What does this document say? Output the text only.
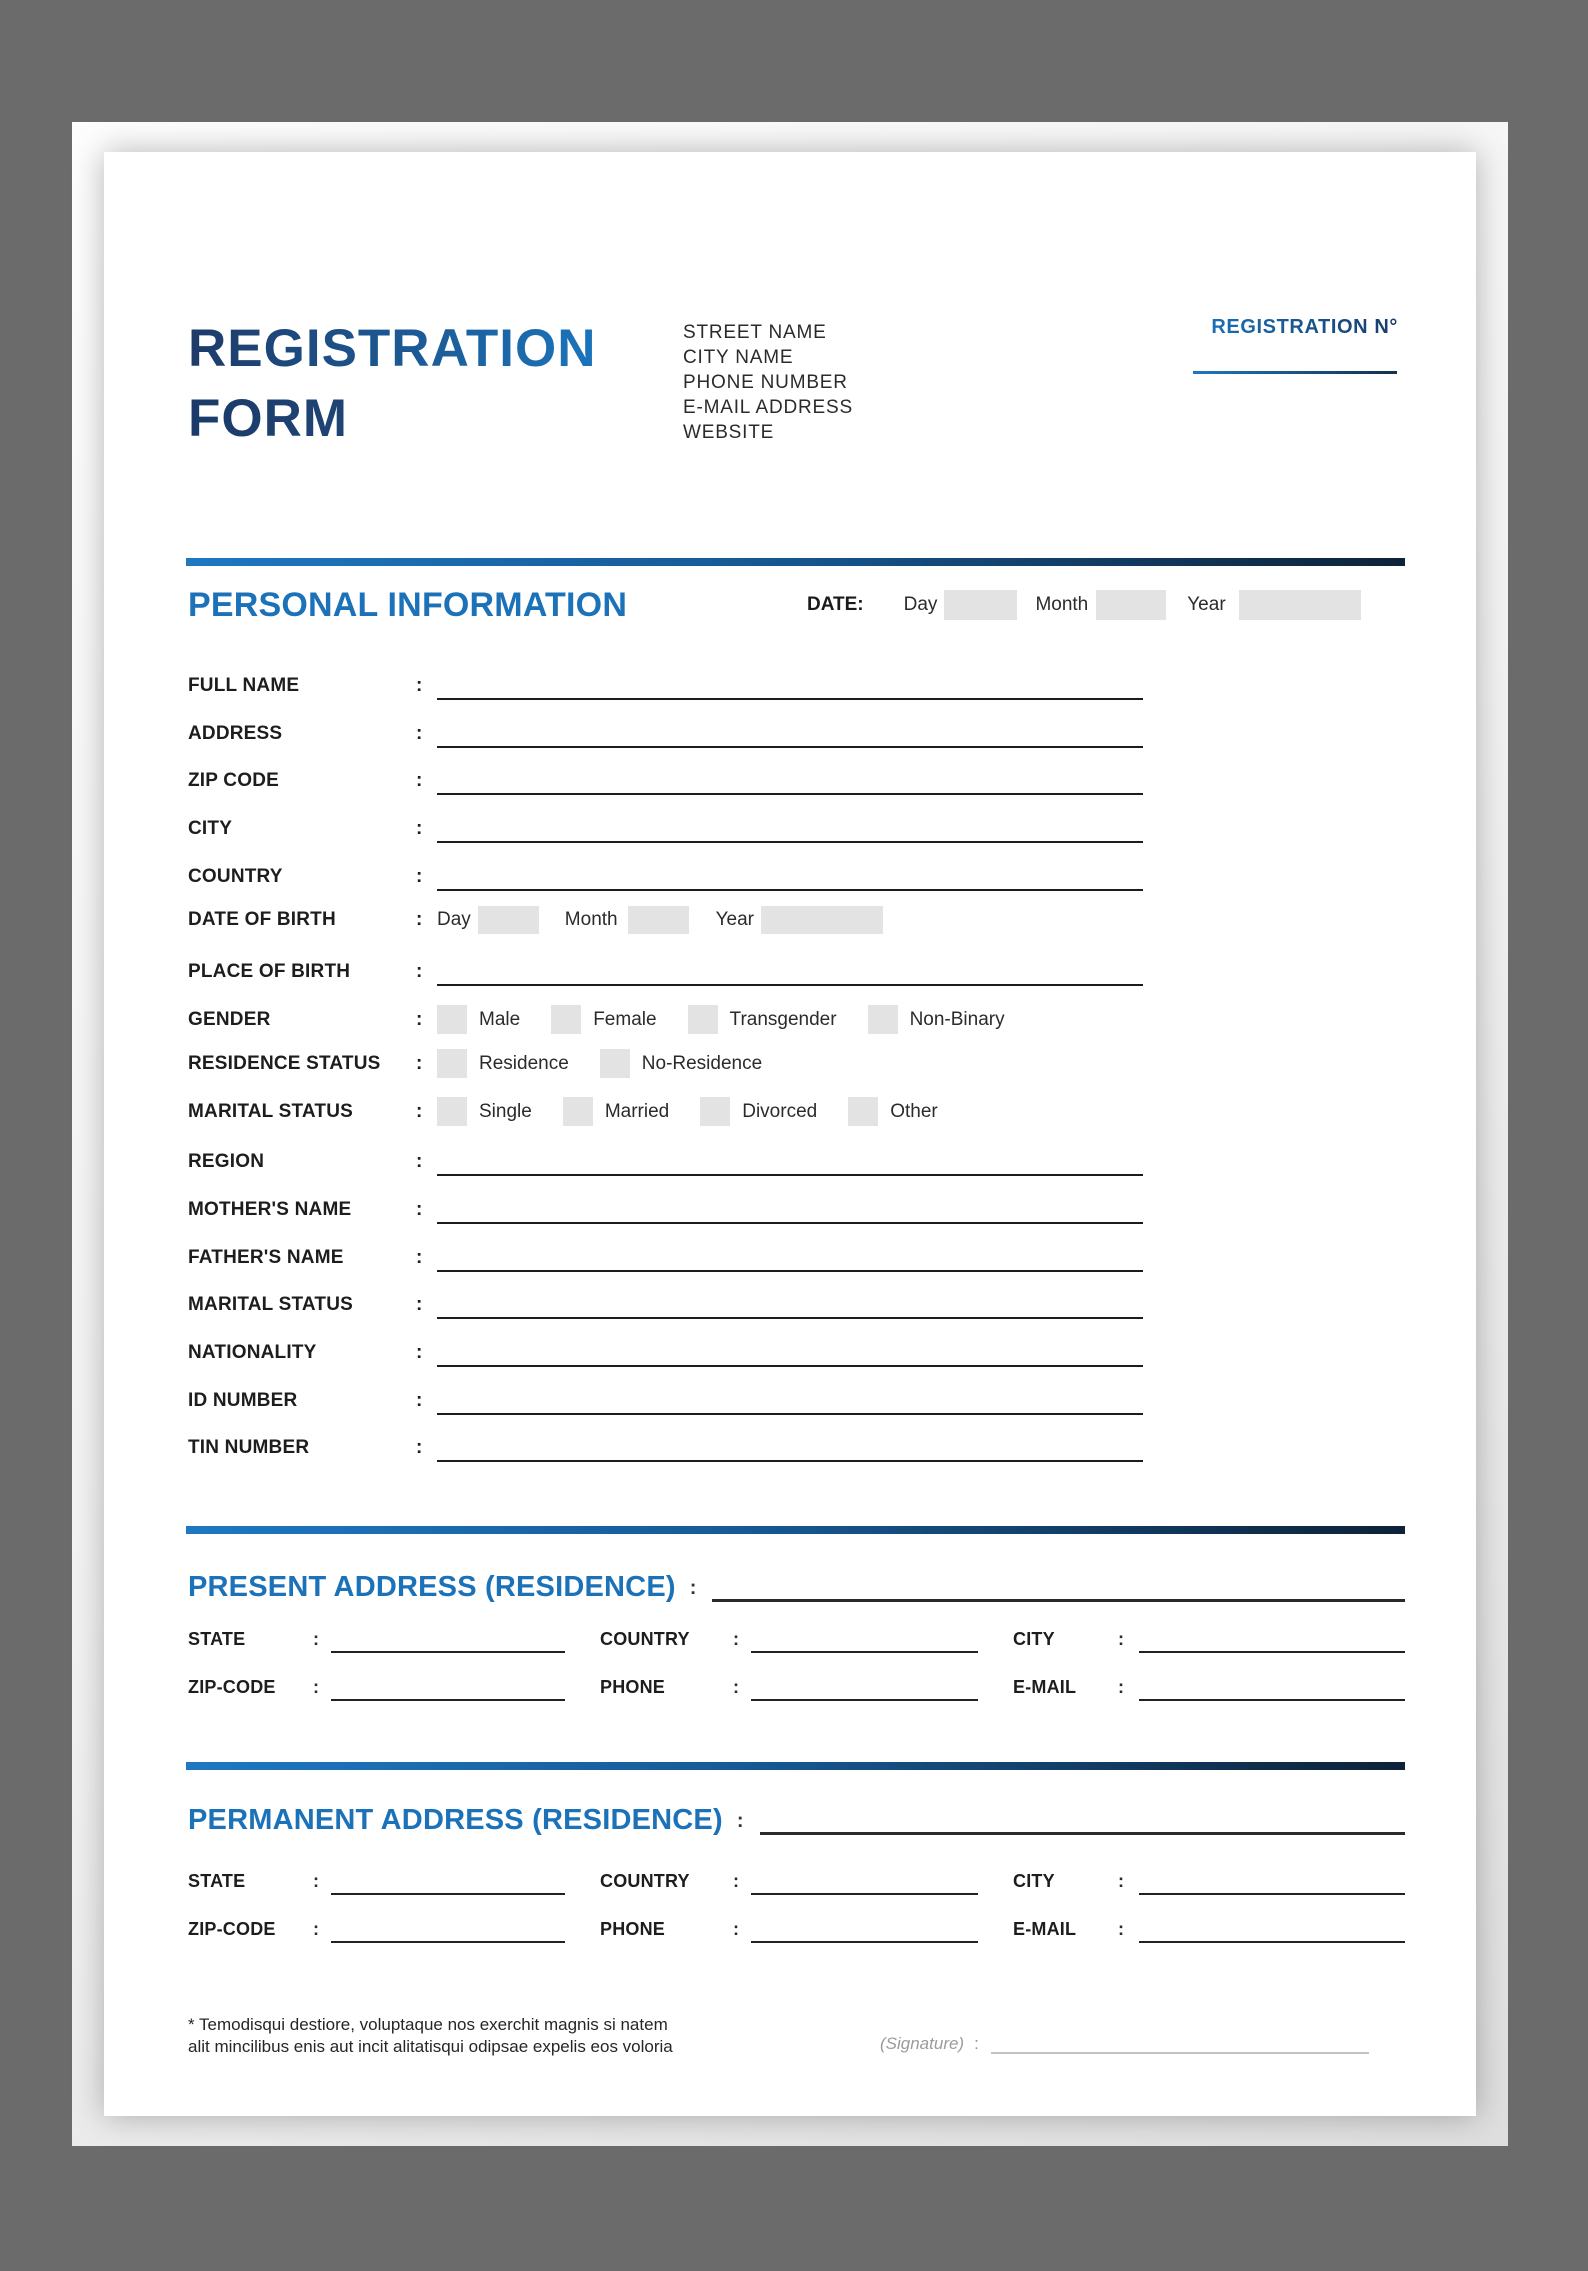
REGISTRATION
FORM
STREET NAME
CITY NAME
PHONE NUMBER
E-MAIL ADDRESS
WEBSITE
REGISTRATION N°
PERSONAL INFORMATION	DATE: Day	Month	Year
FULL NAME	:
ADDRESS	:
ZIP CODE	:
CITY	:
COUNTRY	:
DATE OF BIRTH	: Day	Month	Year
PLACE OF BIRTH	:
GENDER	:	Male	Female	Transgender	Non-Binary
RESIDENCE STATUS	:	Residence	No-Residence
MARITAL STATUS	:	Single	Married	Divorced	Other
REGION	:
MOTHER'S NAME	:
FATHER'S NAME	:
MARITAL STATUS	:
NATIONALITY	:
ID NUMBER	:
TIN NUMBER	:
PRESENT ADDRESS (RESIDENCE) :
STATE	:	COUNTRY	:	CITY	:
ZIP-CODE	:	PHONE	:	E-MAIL	:
PERMANENT ADDRESS (RESIDENCE) :
STATE	:	COUNTRY	:	CITY	:
ZIP-CODE	:	PHONE	:	E-MAIL	:
* Temodisqui destiore, voluptaque nos exerchit magnis si natem
alit mincilibus enis aut incit alitatisqui odipsae expelis eos voloria	(Signature) :
